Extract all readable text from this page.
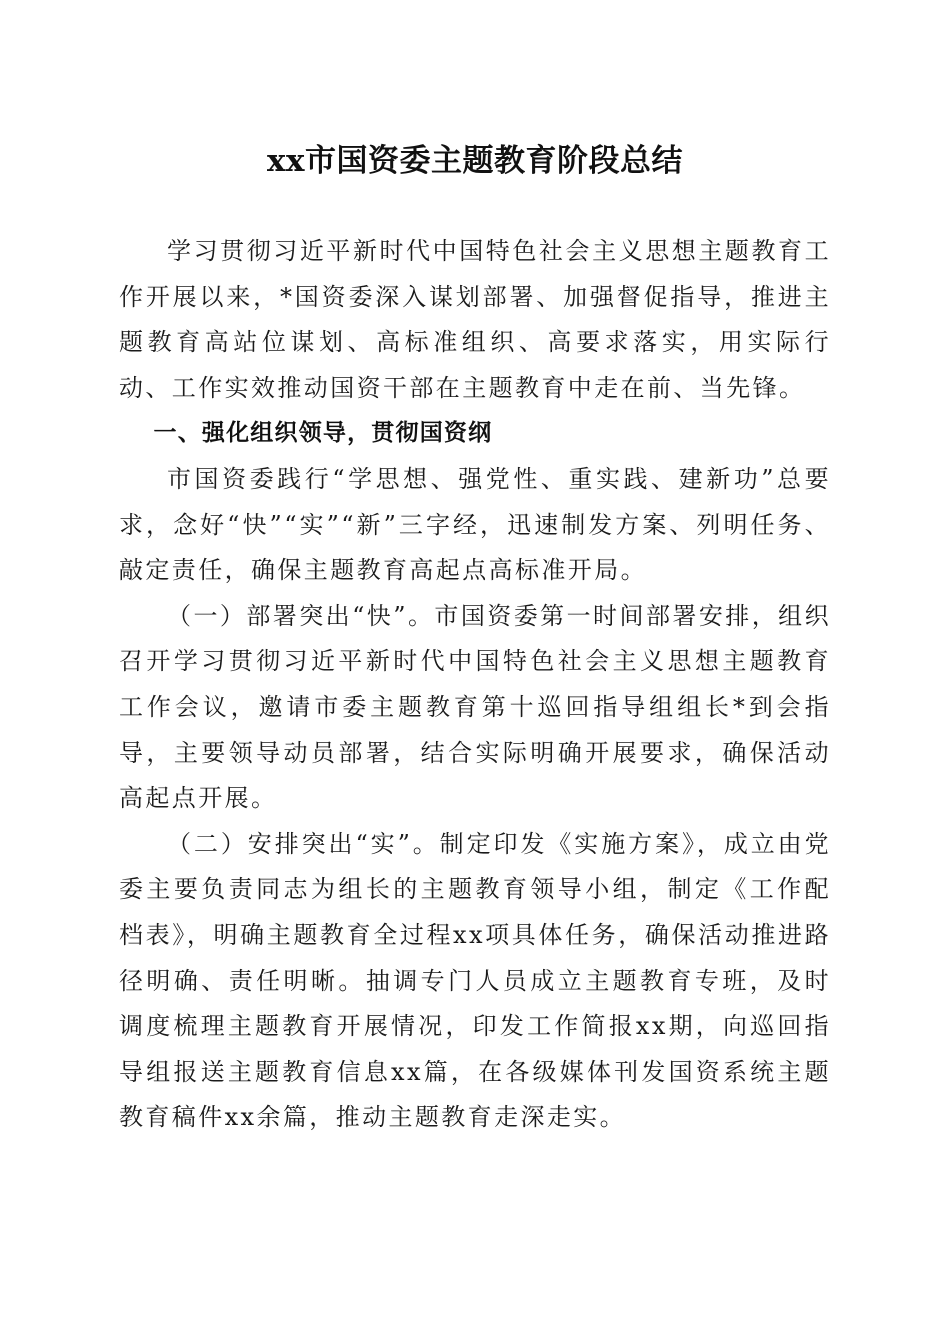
xx市国资委主题教育阶段总结

学习贯彻习近平新时代中国特色社会主义思想主题教育工作开展以来，*国资委深入谋划部署、加强督促指导，推进主题教育高站位谋划、高标准组织、高要求落实，用实际行动、工作实效推动国资干部在主题教育中走在前、当先锋。

一、强化组织领导，贯彻国资纲

市国资委践行“学思想、强党性、重实践、建新功”总要求，念好“快”“实”“新”三字经，迅速制发方案、列明任务、敲定责任，确保主题教育高起点高标准开局。

（一）部署突出“快”。市国资委第一时间部署安排，组织召开学习贯彻习近平新时代中国特色社会主义思想主题教育工作会议，邀请市委主题教育第十巡回指导组组长*到会指导，主要领导动员部署，结合实际明确开展要求，确保活动高起点开展。

（二）安排突出“实”。制定印发《实施方案》，成立由党委主要负责同志为组长的主题教育领导小组，制定《工作配档表》，明确主题教育全过程xx项具体任务，确保活动推进路径明确、责任明晰。抽调专门人员成立主题教育专班，及时调度梳理主题教育开展情况，印发工作简报xx期，向巡回指导组报送主题教育信息xx篇，在各级媒体刊发国资系统主题教育稿件xx余篇，推动主题教育走深走实。
